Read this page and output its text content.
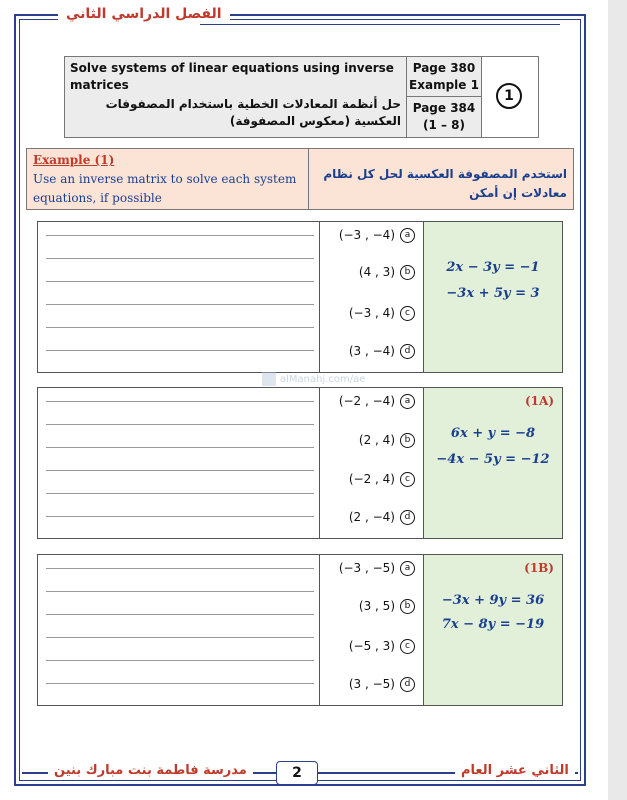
الفصل الدراسي الثاني
Solve systems of linear equations using inverse matrices
حل أنظمة المعادلات الخطية باستخدام المصفوفات العكسية (معكوس المصفوفة)
Page 380
Example 1
Page 384
(1 – 8)
1
Example (1)
Use an inverse matrix to solve each system equations, if possible
استخدم المصفوفة العكسية لحل كل نظام معادلات إن أمكن
(−3 , −4) a
(4 , 3) b
(−3 , 4) c
(3 , −4) d
2x − 3y = −1
−3x + 5y = 3
(−2 , −4) a
(2 , 4) b
(−2 , 4) c
(2 , −4) d
(1A)
6x + y = −8
−4x − 5y = −12
alManahj.com/ae
(−3 , −5) a
(3 , 5) b
(−5 , 3) c
(3 , −5) d
(1B)
−3x + 9y = 36
7x − 8y = −19
مدرسة فاطمة بنت مبارك بنين	2	الثاني عشر العام
